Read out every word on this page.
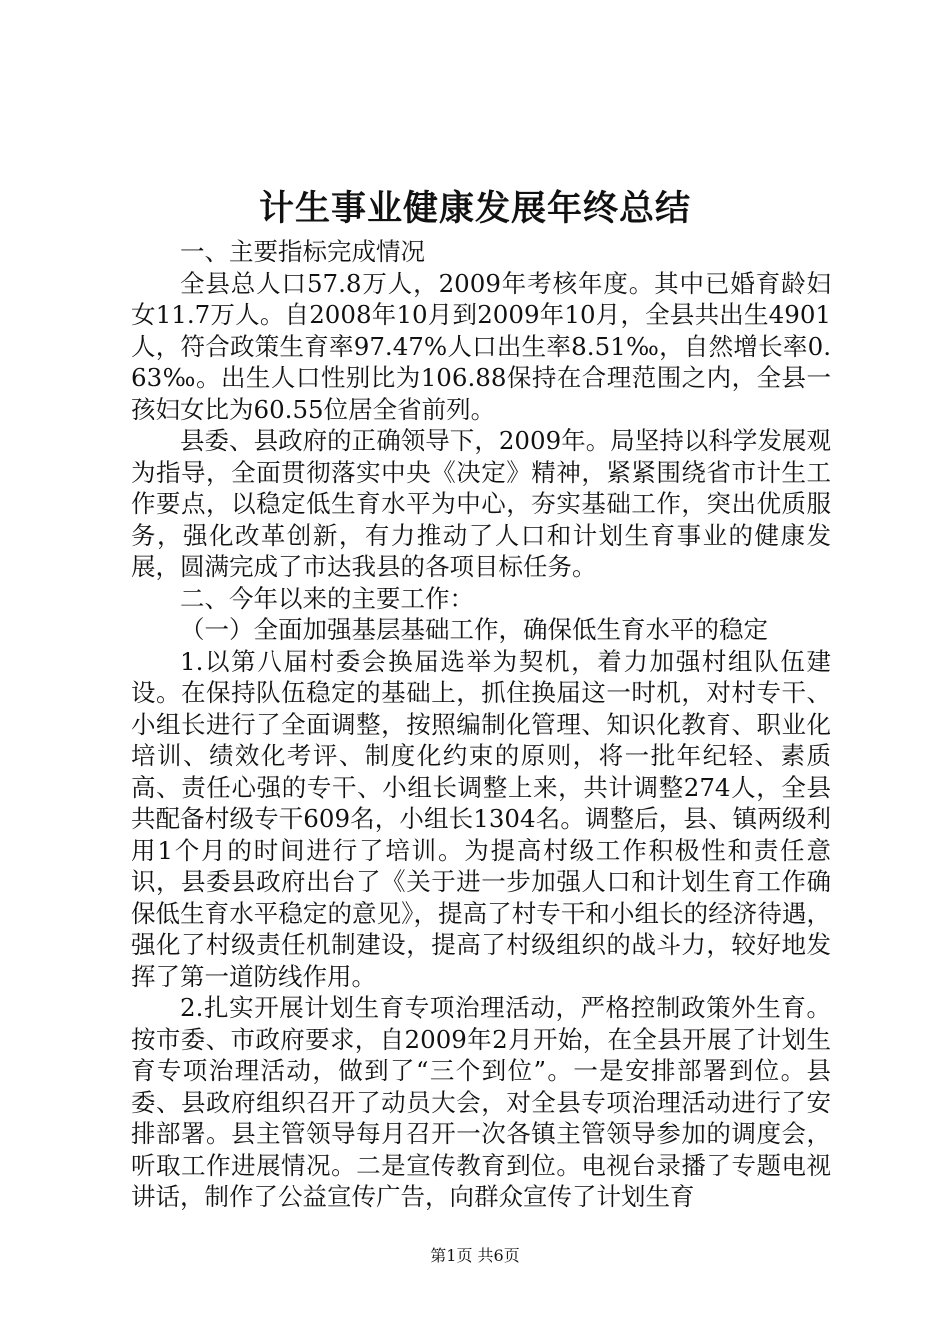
计生事业健康发展年终总结

一、主要指标完成情况

全县总人口57.8万人，2009年考核年度。其中已婚育龄妇女11.7万人。自2008年10月到2009年10月，全县共出生4901人，符合政策生育率97.47%人口出生率8.51‰，自然增长率0.63‰。出生人口性别比为106.88保持在合理范围之内，全县一孩妇女比为60.55位居全省前列。

县委、县政府的正确领导下，2009年。局坚持以科学发展观为指导，全面贯彻落实中央《决定》精神，紧紧围绕省市计生工作要点，以稳定低生育水平为中心，夯实基础工作，突出优质服务，强化改革创新，有力推动了人口和计划生育事业的健康发展，圆满完成了市达我县的各项目标任务。

二、今年以来的主要工作：

（一）全面加强基层基础工作，确保低生育水平的稳定

1.以第八届村委会换届选举为契机，着力加强村组队伍建设。在保持队伍稳定的基础上，抓住换届这一时机，对村专干、小组长进行了全面调整，按照编制化管理、知识化教育、职业化培训、绩效化考评、制度化约束的原则，将一批年纪轻、素质高、责任心强的专干、小组长调整上来，共计调整274人，全县共配备村级专干609名，小组长1304名。调整后，县、镇两级利用1个月的时间进行了培训。为提高村级工作积极性和责任意识，县委县政府出台了《关于进一步加强人口和计划生育工作确保低生育水平稳定的意见》，提高了村专干和小组长的经济待遇，强化了村级责任机制建设，提高了村级组织的战斗力，较好地发挥了第一道防线作用。

2.扎实开展计划生育专项治理活动，严格控制政策外生育。按市委、市政府要求，自2009年2月开始，在全县开展了计划生育专项治理活动，做到了“三个到位”。一是安排部署到位。县委、县政府组织召开了动员大会，对全县专项治理活动进行了安排部署。县主管领导每月召开一次各镇主管领导参加的调度会，听取工作进展情况。二是宣传教育到位。电视台录播了专题电视讲话，制作了公益宣传广告，向群众宣传了计划生育

第1页 共6页
